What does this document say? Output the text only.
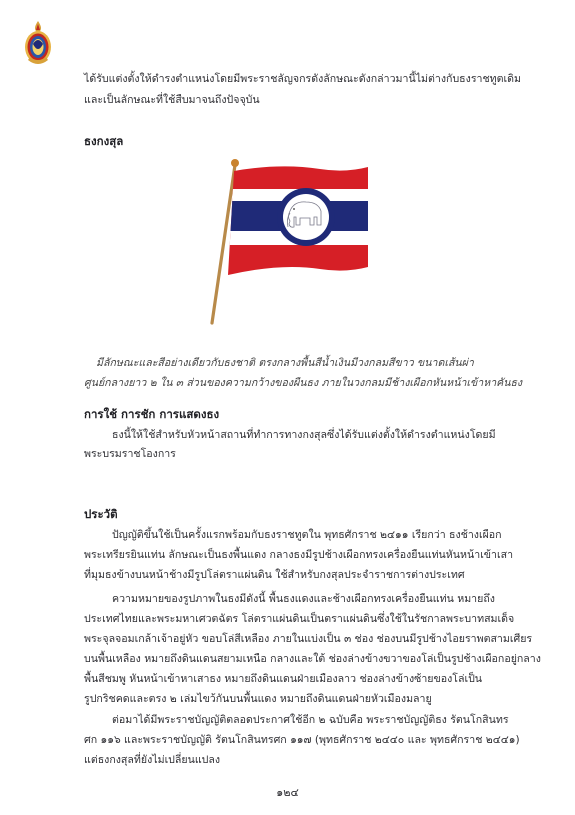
ได้รับแต่งตั้งให้ดำรงตำแหน่งโดยมีพระราชลัญจกรดังลักษณะดังกล่าวมานี้ไม่ต่างกับธงราชทูตเดิม

และเป็นลักษณะที่ใช้สืบมาจนถึงปัจจุบัน

ธงกงสุล

มีลักษณะและสีอย่างเดียวกับธงชาติ ตรงกลางพื้นสีน้ำเงินมีวงกลมสีขาว ขนาดเส้นผ่า

ศูนย์กลางยาว ๒ ใน ๓ ส่วนของความกว้างของผืนธง ภายในวงกลมมีช้างเผือกหันหน้าเข้าหาคันธง

การใช้ การชัก การแสดงธง

ธงนี้ให้ใช้สำหรับหัวหน้าสถานที่ทำการทางกงสุลซึ่งได้รับแต่งตั้งให้ดำรงตำแหน่งโดยมี

พระบรมราชโองการ

ประวัติ

ปัญญัติขึ้นใช้เป็นครั้งแรกพร้อมกับธงราชทูตใน พุทธศักราช ๒๔๑๑ เรียกว่า ธงช้างเผือก

พระเทรียรยินแท่น ลักษณะเป็นธงพื้นแดง กลางธงมีรูปช้างเผือกทรงเครื่องยืนแท่นหันหน้าเข้าเสา

ที่มุมธงข้างบนหน้าช้างมีรูปโล่ตราแผ่นดิน ใช้สำหรับกงสุลประจำราชการต่างประเทศ

ความหมายของรูปภาพในธงมีดังนี้ พื้นธงแดงและช้างเผือกทรงเครื่องยืนแท่น หมายถึง

ประเทศไทยและพระมหาเศวตฉัตร โล่ตราแผ่นดินเป็นตราแผ่นดินซึ่งใช้ในรัชกาลพระบาทสมเด็จ

พระจุลจอมเกล้าเจ้าอยู่หัว ขอบโล่สีเหลือง ภายในแบ่งเป็น ๓ ช่อง ช่องบนมีรูปช้างไอยราพตสามเศียร

บนพื้นเหลือง หมายถึงดินแดนสยามเหนือ กลางและใต้ ช่องล่างข้างขวาของโล่เป็นรูปช้างเผือกอยู่กลาง

พื้นสีชมพู หันหน้าเข้าหาเสาธง หมายถึงดินแดนฝ่ายเมืองลาว ช่องล่างข้างซ้ายของโล่เป็น

รูปกริชคดและตรง ๒ เล่มไขว้กันบนพื้นแดง หมายถึงดินแดนฝ่ายหัวเมืองมลายู

ต่อมาได้มีพระราชบัญญัติตลอดประกาศใช้อีก ๒ ฉบับคือ พระราชบัญญัติธง รัตนโกสินทร

ศก ๑๑๖ และพระราชบัญญัติ รัตนโกสินทรศก ๑๑๗ (พุทธศักราช ๒๔๔๐ และ พุทธศักราช ๒๔๔๑)

แต่ธงกงสุลที่ยังไม่เปลี่ยนแปลง

๑๒๔
